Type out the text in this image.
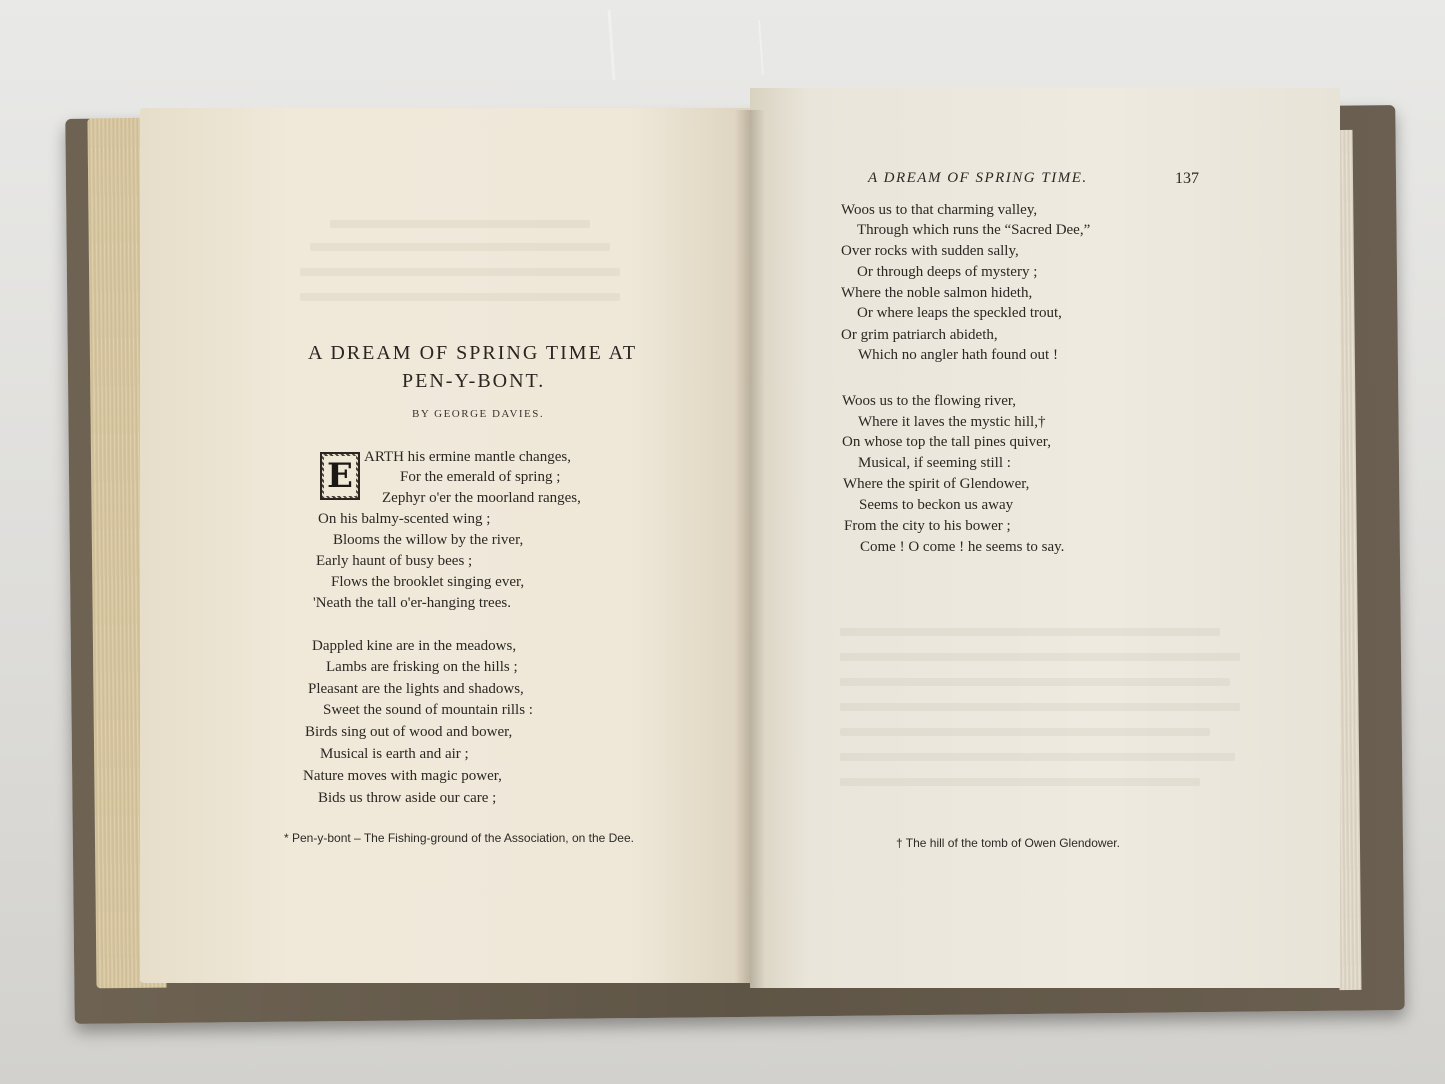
A DREAM OF SPRING TIME AT
PEN-Y-BONT.
BY GEORGE DAVIES.
E ARTH his ermine mantle changes,
For the emerald of spring ;
Zephyr o'er the moorland ranges,
On his balmy-scented wing ;
Blooms the willow by the river,
Early haunt of busy bees ;
Flows the brooklet singing ever,
'Neath the tall o'er-hanging trees.
Dappled kine are in the meadows,
Lambs are frisking on the hills ;
Pleasant are the lights and shadows,
Sweet the sound of mountain rills :
Birds sing out of wood and bower,
Musical is earth and air ;
Nature moves with magic power,
Bids us throw aside our care ;
* Pen-y-bont – The Fishing-ground of the Association, on the Dee.
A DREAM OF SPRING TIME.	137
Woos us to that charming valley,
Through which runs the “Sacred Dee,”
Over rocks with sudden sally,
Or through deeps of mystery ;
Where the noble salmon hideth,
Or where leaps the speckled trout,
Or grim patriarch abideth,
Which no angler hath found out !
Woos us to the flowing river,
Where it laves the mystic hill,†
On whose top the tall pines quiver,
Musical, if seeming still :
Where the spirit of Glendower,
Seems to beckon us away
From the city to his bower ;
Come ! O come ! he seems to say.
† The hill of the tomb of Owen Glendower.
